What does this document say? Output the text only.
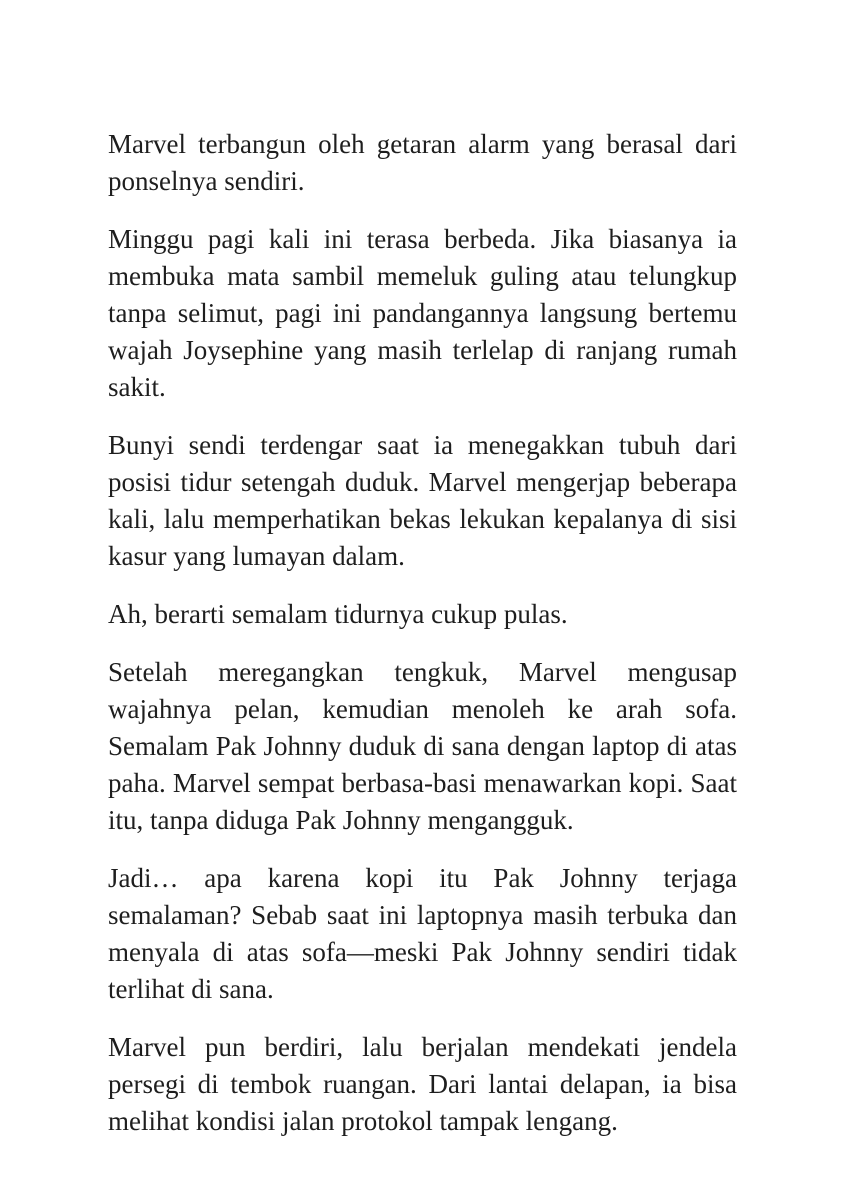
Marvel terbangun oleh getaran alarm yang berasal dari ponselnya sendiri.

Minggu pagi kali ini terasa berbeda. Jika biasanya ia membuka mata sambil memeluk guling atau telungkup tanpa selimut, pagi ini pandangannya langsung bertemu wajah Joysephine yang masih terlelap di ranjang rumah sakit.

Bunyi sendi terdengar saat ia menegakkan tubuh dari posisi tidur setengah duduk. Marvel mengerjap beberapa kali, lalu memperhatikan bekas lekukan kepalanya di sisi kasur yang lumayan dalam.

Ah, berarti semalam tidurnya cukup pulas.

Setelah meregangkan tengkuk, Marvel mengusap wajahnya pelan, kemudian menoleh ke arah sofa. Semalam Pak Johnny duduk di sana dengan laptop di atas paha. Marvel sempat berbasa-basi menawarkan kopi. Saat itu, tanpa diduga Pak Johnny mengangguk.

Jadi… apa karena kopi itu Pak Johnny terjaga semalaman? Sebab saat ini laptopnya masih terbuka dan menyala di atas sofa—meski Pak Johnny sendiri tidak terlihat di sana.

Marvel pun berdiri, lalu berjalan mendekati jendela persegi di tembok ruangan. Dari lantai delapan, ia bisa melihat kondisi jalan protokol tampak lengang.
